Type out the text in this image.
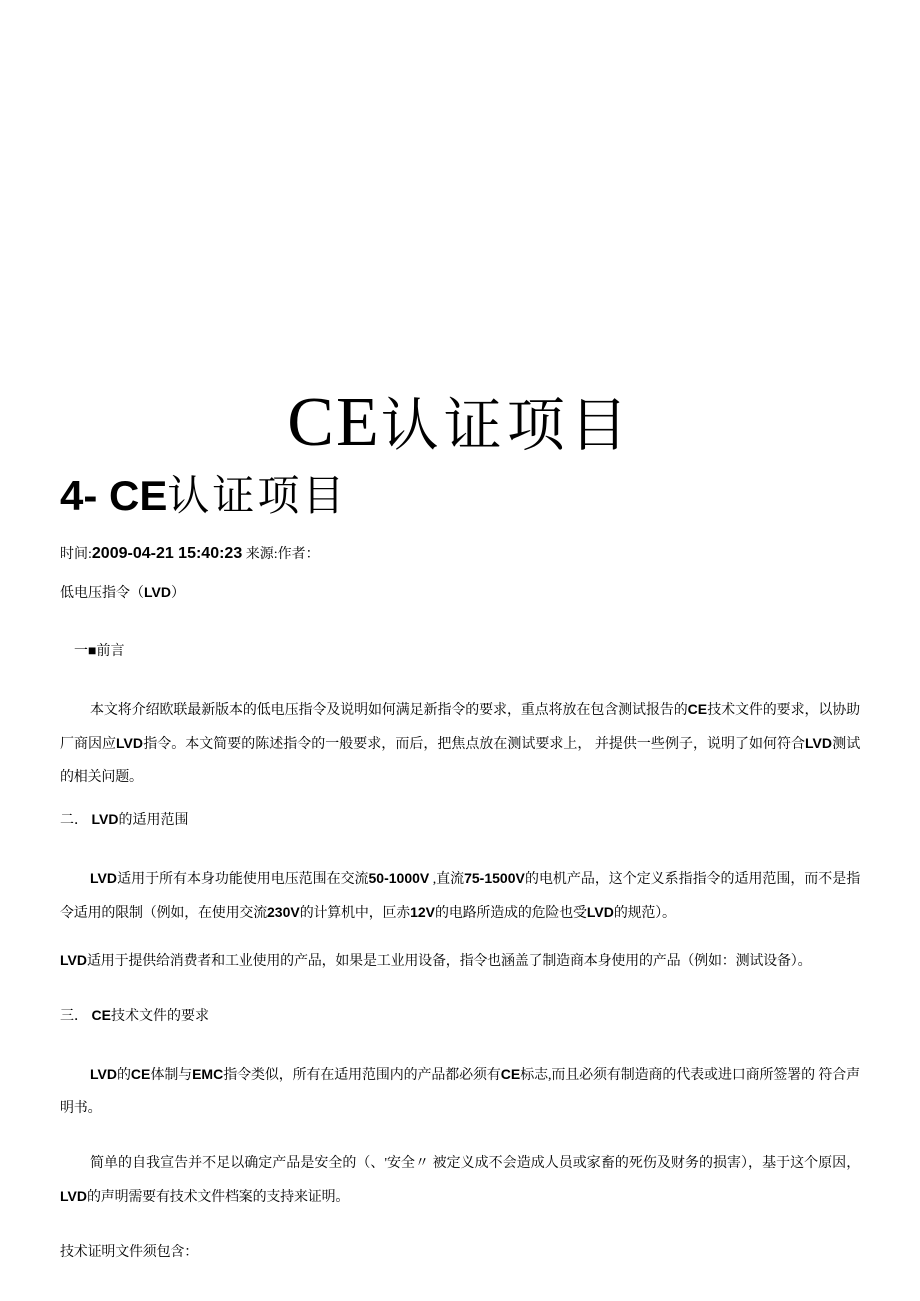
CE认证项目
4- CE认证项目

时间:2009-04-21 15:40:23 来源:作者：

低电压指令（LVD）

一■前言

本文将介绍欧联最新版本的低电压指令及说明如何满足新指令的要求，重点将放在包含测试报告的CE技术文件的要求，以协助厂商因应LVD指令。本文简要的陈述指令的一般要求，而后，把焦点放在测试要求上， 并提供一些例子，说明了如何符合LVD测试的相关问题。

二． LVD的适用范围

LVD适用于所有本身功能使用电压范围在交流50-1000V ,直流75-1500V的电机产品，这个定义系指指令的适用范围，而不是指令适用的限制（例如，在使用交流230V的计算机中，叵赤12V的电路所造成的危险也受LVD的规范）。

LVD适用于提供给消费者和工业使用的产品，如果是工业用设备，指令也涵盖了制造商本身使用的产品（例如：测试设备）。

三． CE技术文件的要求

LVD的CE体制与EMC指令类似，所有在适用范围内的产品都必须有CE标志,而且必须有制造商的代表或进口商所签署的 符合声明书。

简单的自我宣告并不足以确定产品是安全的（、'安全〃 被定义成不会造成人员或家畜的死伤及财务的损害），基于这个原因，LVD的声明需要有技术文件档案的支持来证明。

技术证明文件须包含：
